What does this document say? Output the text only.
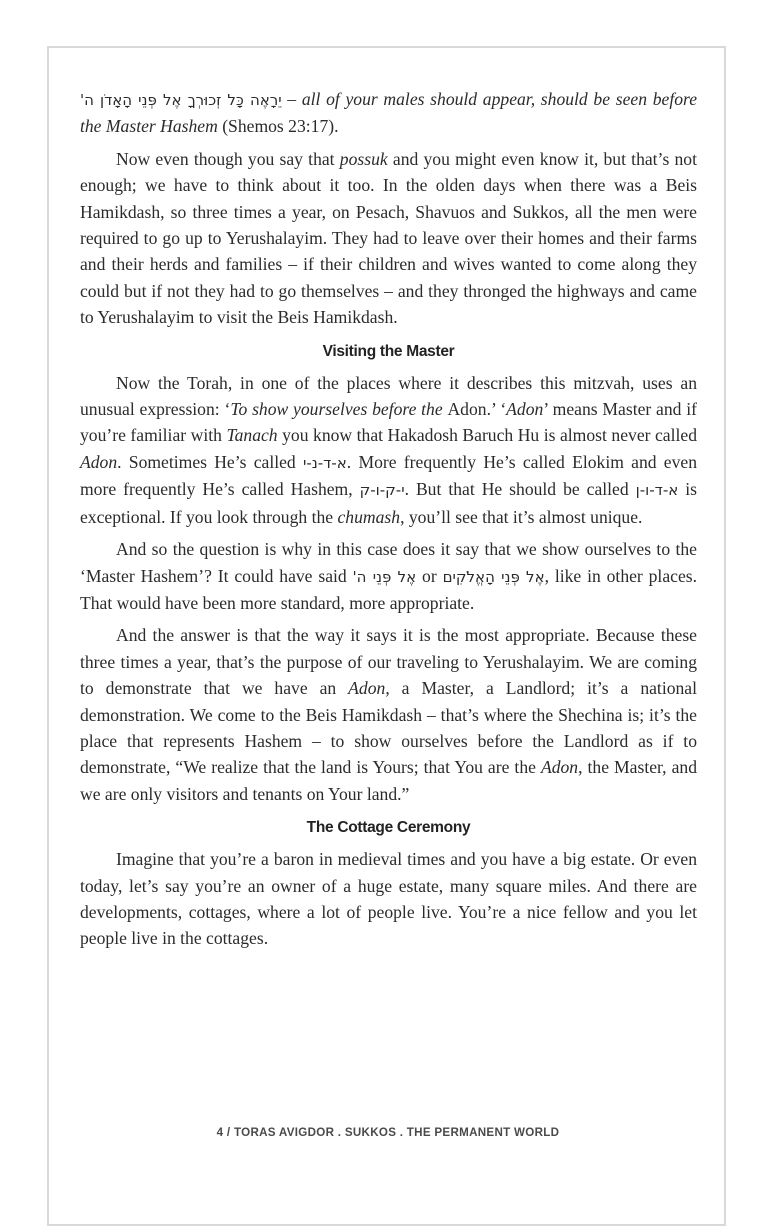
יֵרָאֶה כָּל זְכוּרְךָ אֶל פְּנֵי הָאָדֹן ה' – all of your males should appear, should be seen before the Master Hashem (Shemos 23:17).

Now even though you say that possuk and you might even know it, but that’s not enough; we have to think about it too. In the olden days when there was a Beis Hamikdash, so three times a year, on Pesach, Shavuos and Sukkos, all the men were required to go up to Yerushalayim. They had to leave over their homes and their farms and their herds and families – if their children and wives wanted to come along they could but if not they had to go themselves – and they thronged the highways and came to Yerushalayim to visit the Beis Hamikdash.

Visiting the Master

Now the Torah, in one of the places where it describes this mitzvah, uses an unusual expression: ‘To show yourselves before the Adon.’ ‘Adon’ means Master and if you’re familiar with Tanach you know that Hakadosh Baruch Hu is almost never called Adon. Sometimes He’s called א-ד-נ-י. More frequently He’s called Elokim and even more frequently He’s called Hashem, י-ק-ו-ק. But that He should be called א-ד-ו-ן is exceptional. If you look through the chumash, you’ll see that it’s almost unique.

And so the question is why in this case does it say that we show ourselves to the ‘Master Hashem’? It could have said אֶל פְּנֵי ה' or אֶל פְּנֵי הָאֱלֹקִים, like in other places. That would have been more standard, more appropriate.

And the answer is that the way it says it is the most appropriate. Because these three times a year, that’s the purpose of our traveling to Yerushalayim. We are coming to demonstrate that we have an Adon, a Master, a Landlord; it’s a national demonstration. We come to the Beis Hamikdash – that’s where the Shechina is; it’s the place that represents Hashem – to show ourselves before the Landlord as if to demonstrate, “We realize that the land is Yours; that You are the Adon, the Master, and we are only visitors and tenants on Your land.”

The Cottage Ceremony

Imagine that you’re a baron in medieval times and you have a big estate. Or even today, let’s say you’re an owner of a huge estate, many square miles. And there are developments, cottages, where a lot of people live. You’re a nice fellow and you let people live in the cottages.

4 / TORAS AVIGDOR . SUKKOS . THE PERMANENT WORLD
